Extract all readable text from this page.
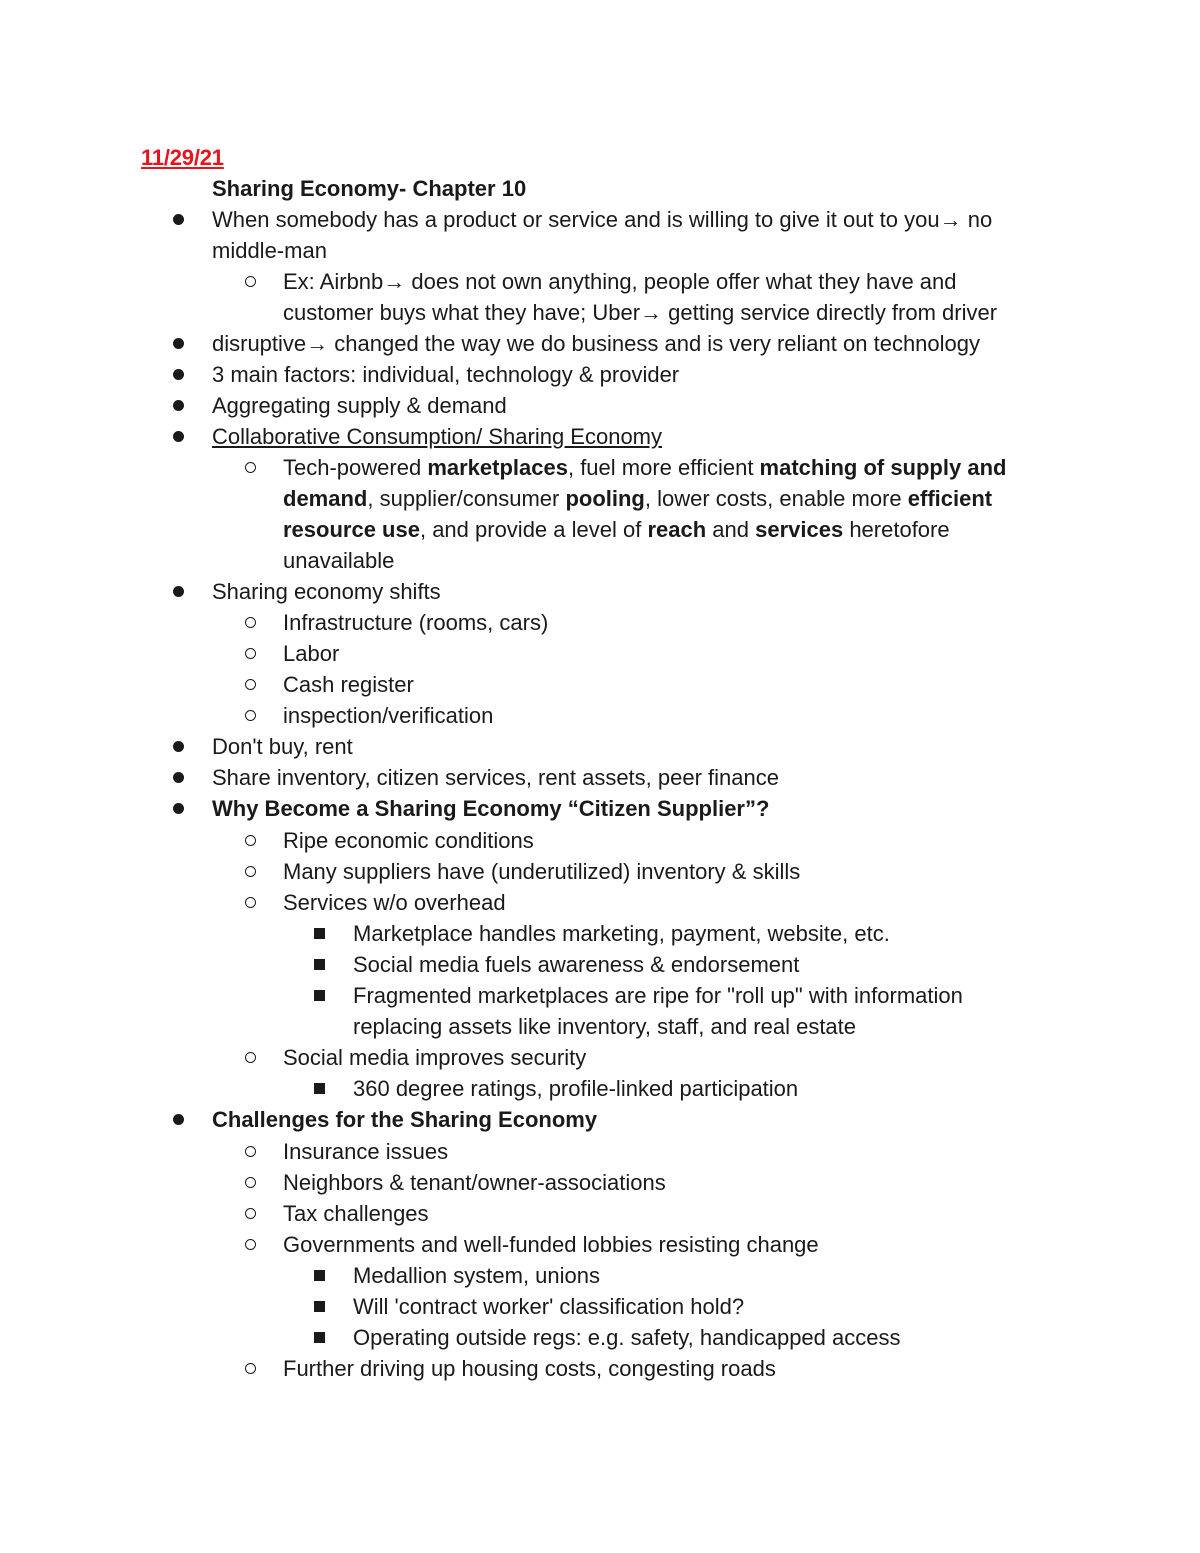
11/29/21
Sharing Economy- Chapter 10
When somebody has a product or service and is willing to give it out to you→ no
middle-man
Ex: Airbnb→ does not own anything, people offer what they have and
customer buys what they have; Uber→ getting service directly from driver
disruptive→ changed the way we do business and is very reliant on technology
3 main factors: individual, technology & provider
Aggregating supply & demand
Collaborative Consumption/ Sharing Economy
Tech-powered marketplaces, fuel more efficient matching of supply and
demand, supplier/consumer pooling, lower costs, enable more efficient
resource use, and provide a level of reach and services heretofore
unavailable
Sharing economy shifts
Infrastructure (rooms, cars)
Labor
Cash register
inspection/verification
Don't buy, rent
Share inventory, citizen services, rent assets, peer finance
Why Become a Sharing Economy “Citizen Supplier”?
Ripe economic conditions
Many suppliers have (underutilized) inventory & skills
Services w/o overhead
Marketplace handles marketing, payment, website, etc.
Social media fuels awareness & endorsement
Fragmented marketplaces are ripe for "roll up" with information
replacing assets like inventory, staff, and real estate
Social media improves security
360 degree ratings, profile-linked participation
Challenges for the Sharing Economy
Insurance issues
Neighbors & tenant/owner-associations
Tax challenges
Governments and well-funded lobbies resisting change
Medallion system, unions
Will 'contract worker' classification hold?
Operating outside regs: e.g. safety, handicapped access
Further driving up housing costs, congesting roads
